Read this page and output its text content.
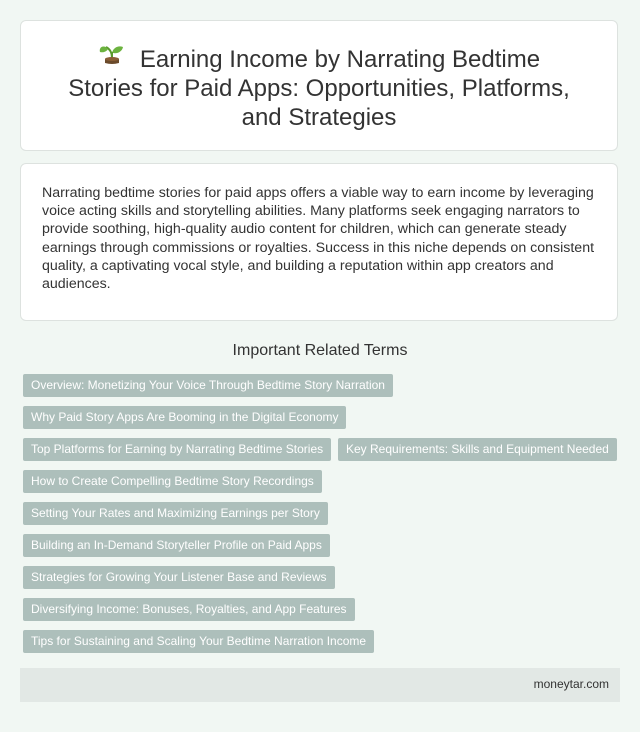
Earning Income by Narrating Bedtime Stories for Paid Apps: Opportunities, Platforms, and Strategies

Narrating bedtime stories for paid apps offers a viable way to earn income by leveraging voice acting skills and storytelling abilities. Many platforms seek engaging narrators to provide soothing, high-quality audio content for children, which can generate steady earnings through commissions or royalties. Success in this niche depends on consistent quality, a captivating vocal style, and building a reputation within app creators and audiences.

Important Related Terms
Overview: Monetizing Your Voice Through Bedtime Story Narration
Why Paid Story Apps Are Booming in the Digital Economy
Top Platforms for Earning by Narrating Bedtime Stories	Key Requirements: Skills and Equipment Needed
How to Create Compelling Bedtime Story Recordings
Setting Your Rates and Maximizing Earnings per Story
Building an In-Demand Storyteller Profile on Paid Apps
Strategies for Growing Your Listener Base and Reviews
Diversifying Income: Bonuses, Royalties, and App Features
Tips for Sustaining and Scaling Your Bedtime Narration Income
moneytar.com
